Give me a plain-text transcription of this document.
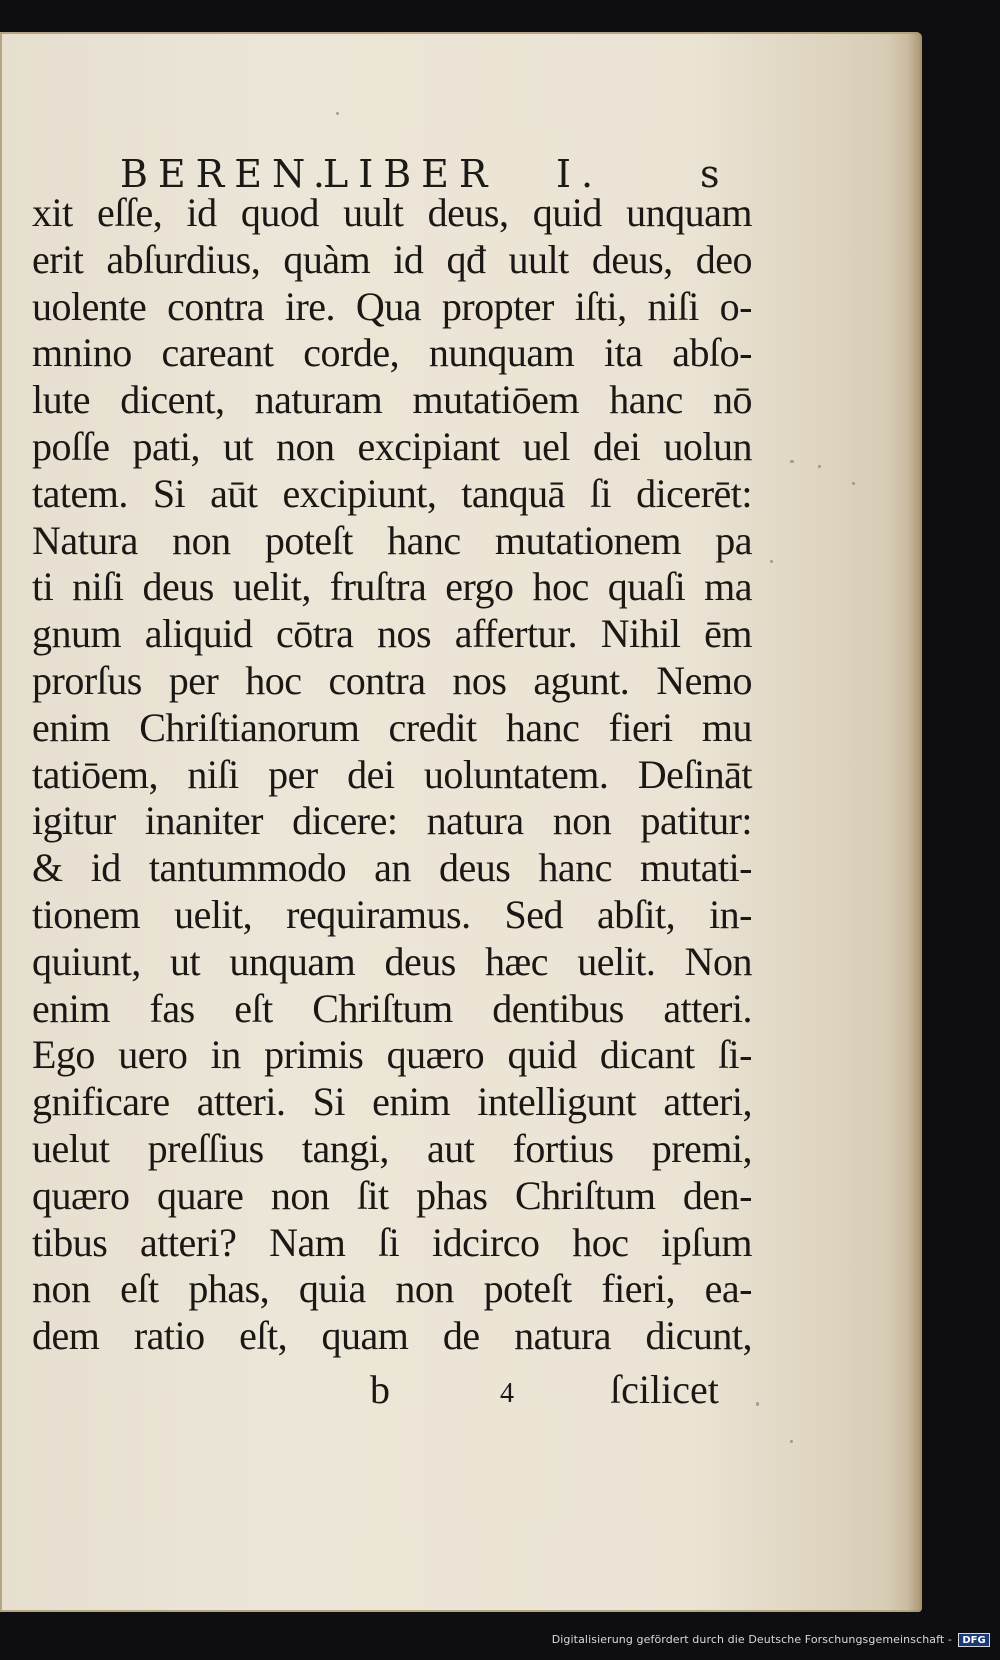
BEREN.
LIBER I.	s
xit eſſe, id quod uult deus, quid unquam
erit abſurdius, quàm id qđ uult deus, deo
uolente contra ire. Qua propter iſti, niſi o-
mnino careant corde, nunquam ita abſo-
lute dicent, naturam mutatiōem hanc nō
poſſe pati, ut non excipiant uel dei uolun
tatem. Si aūt excipiunt, tanquā ſi dicerēt:
Natura non poteſt hanc mutationem pa
ti niſi deus uelit, fruſtra ergo hoc quaſi ma
gnum aliquid cōtra nos affertur. Nihil ēm
prorſus per hoc contra nos agunt. Nemo
enim Chriſtianorum credit hanc fieri mu
tatiōem, niſi per dei uoluntatem. Deſināt
igitur inaniter dicere: natura non patitur:
& id tantummodo an deus hanc mutati-
tionem uelit, requiramus. Sed abſit, in-
quiunt, ut unquam deus hæc uelit. Non
enim fas eſt Chriſtum dentibus atteri.
Ego uero in primis quæro quid dicant ſi-
gnificare atteri. Si enim intelligunt atteri,
uelut preſſius tangi, aut fortius premi,
quæro quare non ſit phas Chriſtum den-
tibus atteri? Nam ſi idcirco hoc ipſum
non eſt phas, quia non poteſt fieri, ea-
dem ratio eſt, quam de natura dicunt,
b	4 ſcilicet
Digitalisierung gefördert durch die Deutsche Forschungsgemeinschaft -	DFG
